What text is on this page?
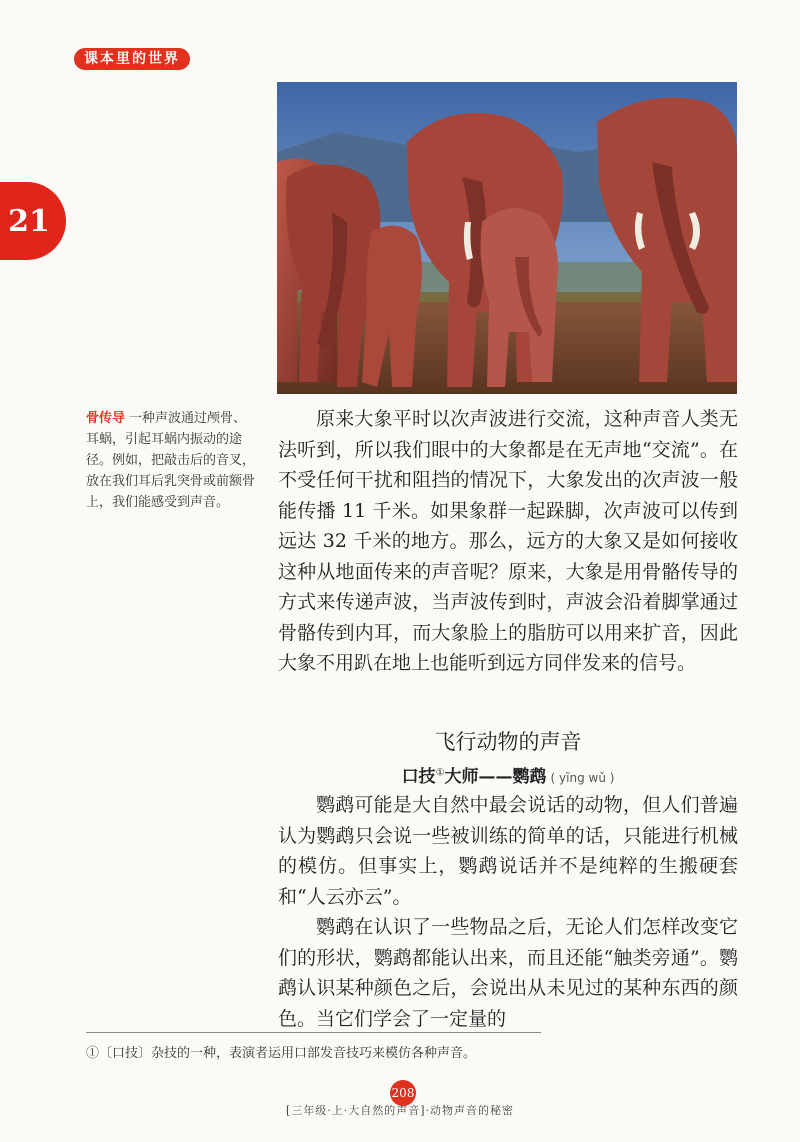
课本里的世界
21
骨传导 一种声波通过颅骨、耳蜗，引起耳蜗内振动的途径。例如，把敲击后的音叉，放在我们耳后乳突骨或前额骨上，我们能感受到声音。

原来大象平时以次声波进行交流，这种声音人类无法听到，所以我们眼中的大象都是在无声地“交流”。在不受任何干扰和阻挡的情况下，大象发出的次声波一般能传播 11 千米。如果象群一起跺脚，次声波可以传到远达 32 千米的地方。那么，远方的大象又是如何接收这种从地面传来的声音呢？原来，大象是用骨骼传导的方式来传递声波，当声波传到时，声波会沿着脚掌通过骨骼传到内耳，而大象脸上的脂肪可以用来扩音，因此大象不用趴在地上也能听到远方同伴发来的信号。

飞行动物的声音
口技①大师——鹦鹉 ( yīng wǔ )

鹦鹉可能是大自然中最会说话的动物，但人们普遍认为鹦鹉只会说一些被训练的简单的话，只能进行机械的模仿。但事实上，鹦鹉说话并不是纯粹的生搬硬套和“人云亦云”。

鹦鹉在认识了一些物品之后，无论人们怎样改变它们的形状，鹦鹉都能认出来，而且还能“触类旁通”。鹦鹉认识某种颜色之后，会说出从未见过的某种东西的颜色。当它们学会了一定量的

①〔口技〕杂技的一种，表演者运用口部发音技巧来模仿各种声音。
208
[三年级·上·大自然的声音]·动物声音的秘密
